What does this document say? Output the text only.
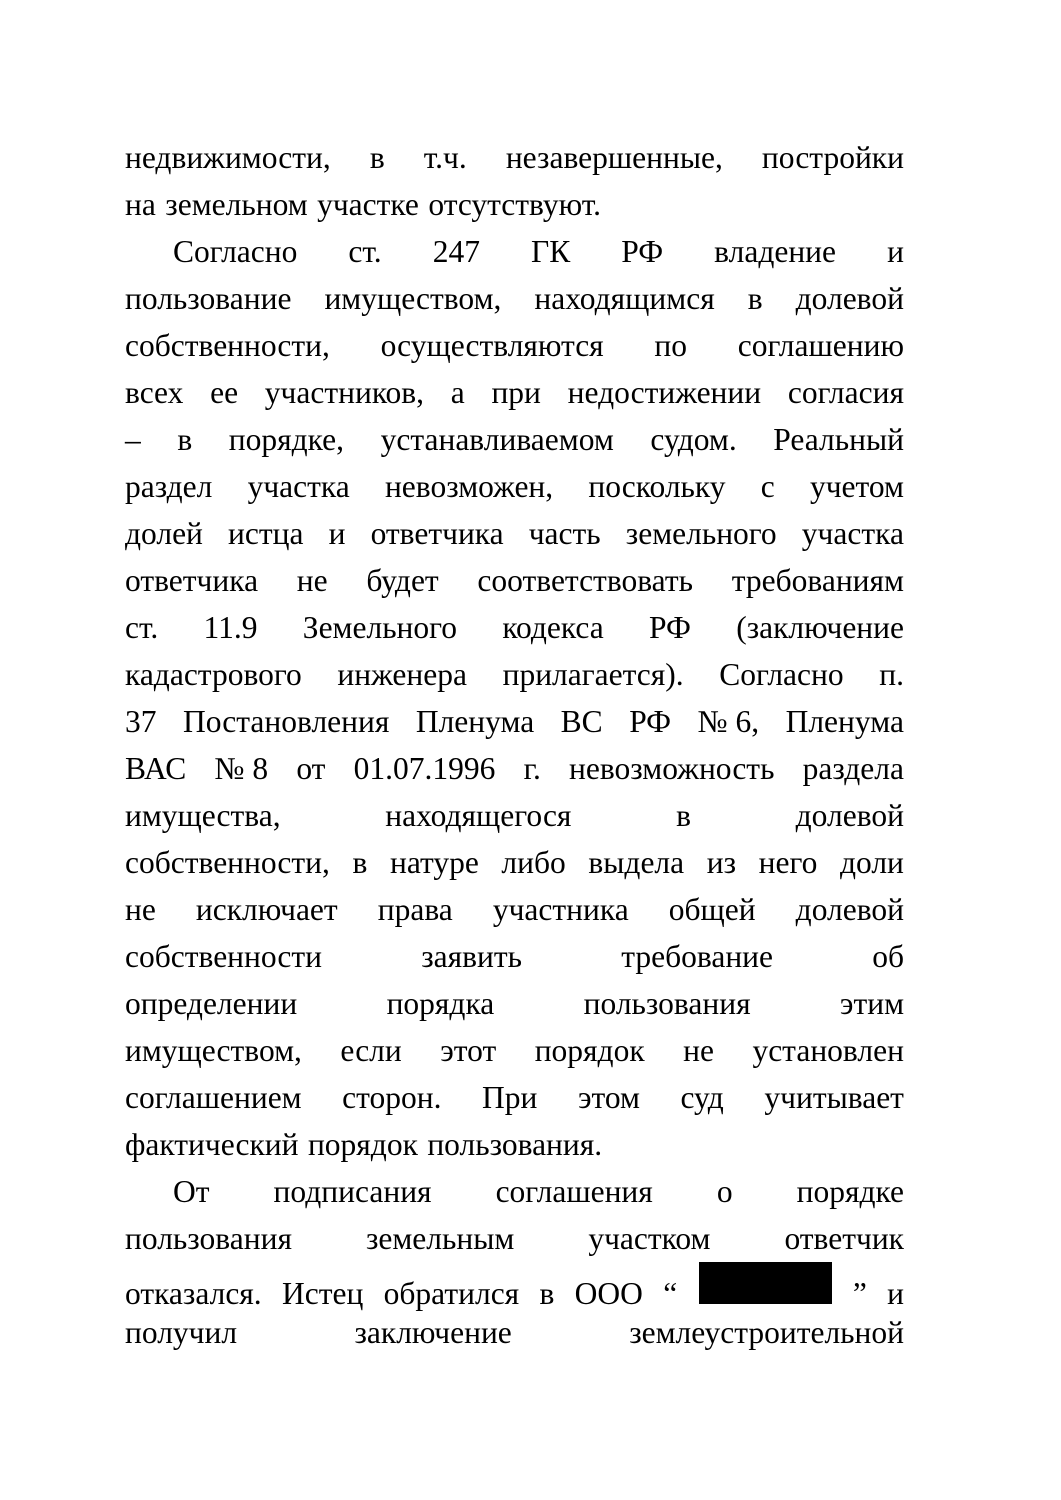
недвижимости, в т.ч. незавершенные, постройки
на земельном участке отсутствуют.
Согласно ст. 247 ГК РФ владение и
пользование имуществом, находящимся в долевой
собственности, осуществляются по соглашению
всех ее участников, а при недостижении согласия
– в порядке, устанавливаемом судом. Реальный
раздел участка невозможен, поскольку с учетом
долей истца и ответчика часть земельного участка
ответчика не будет соответствовать требованиям
ст. 11.9 Земельного кодекса РФ (заключение
кадастрового инженера прилагается). Согласно п.
37 Постановления Пленума ВС РФ № 6, Пленума
ВАС № 8 от 01.07.1996 г. невозможность раздела
имущества,	находящегося	в	долевой
собственности, в натуре либо выдела из него доли
не исключает права участника общей долевой
собственности	заявить	требование	об
определении	порядка	пользования	этим
имуществом, если этот порядок не установлен
соглашением сторон. При этом суд учитывает
фактический порядок пользования.
От подписания соглашения о порядке
пользования земельным участком ответчик
отказался. Истец обратился в ООО “	” и
получил	заключение	землеустроительной
